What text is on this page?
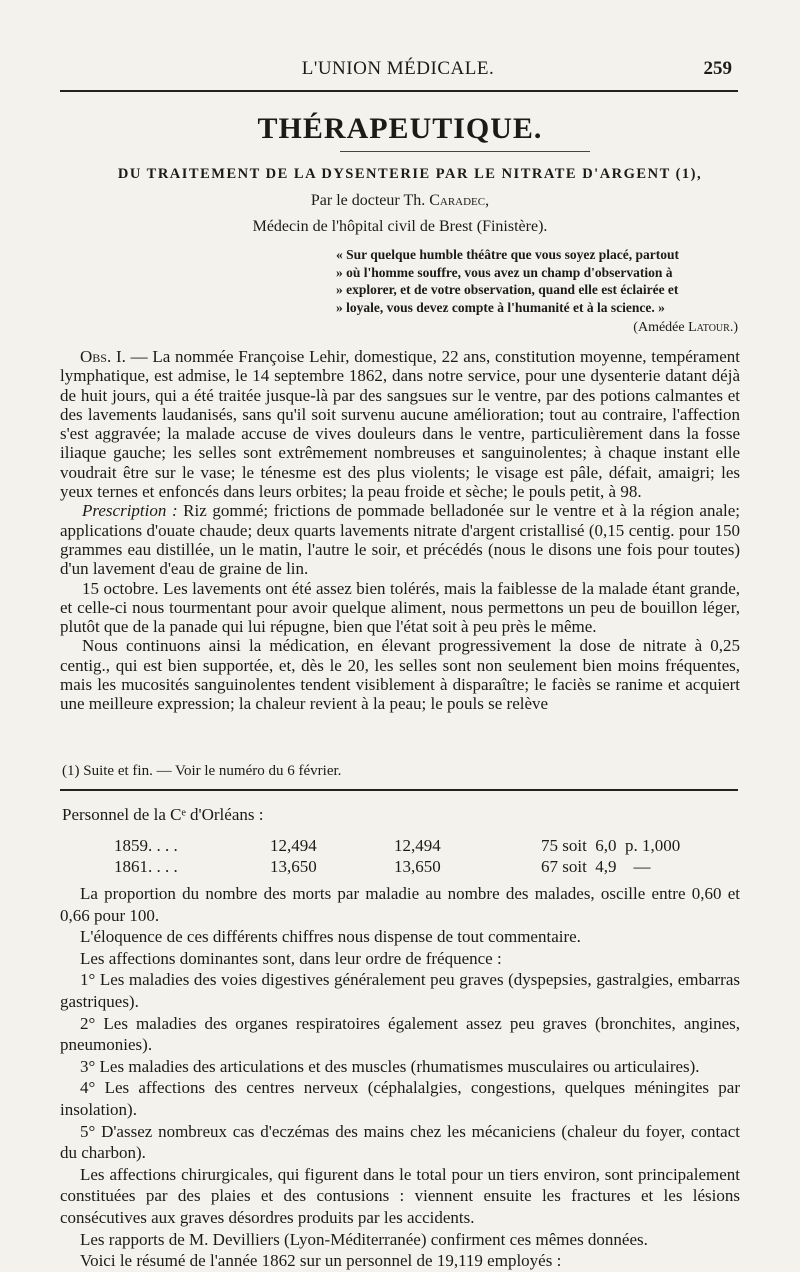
L'UNION MÉDICALE.	259
THÉRAPEUTIQUE.
DU TRAITEMENT DE LA DYSENTERIE PAR LE NITRATE D'ARGENT (1),
Par le docteur Th. Caradec,
Médecin de l'hôpital civil de Brest (Finistère).

« Sur quelque humble théâtre que vous soyez placé, partout

» où l'homme souffre, vous avez un champ d'observation à

» explorer, et de votre observation, quand elle est éclairée et

» loyale, vous devez compte à l'humanité et à la science. »

(Amédée Latour.)

Obs. I. — La nommée Françoise Lehir, domestique, 22 ans, constitution moyenne, tempérament lymphatique, est admise, le 14 septembre 1862, dans notre service, pour une dysenterie datant déjà de huit jours, qui a été traitée jusque-là par des sangsues sur le ventre, par des potions calmantes et des lavements laudanisés, sans qu'il soit survenu aucune amélioration; tout au contraire, l'affection s'est aggravée; la malade accuse de vives douleurs dans le ventre, particulièrement dans la fosse iliaque gauche; les selles sont extrêmement nombreuses et sanguinolentes; à chaque instant elle voudrait être sur le vase; le ténesme est des plus violents; le visage est pâle, défait, amaigri; les yeux ternes et enfoncés dans leurs orbites; la peau froide et sèche; le pouls petit, à 98.

Prescription : Riz gommé; frictions de pommade belladonée sur le ventre et à la région anale; applications d'ouate chaude; deux quarts lavements nitrate d'argent cristallisé (0,15 centig. pour 150 grammes eau distillée, un le matin, l'autre le soir, et précédés (nous le disons une fois pour toutes) d'un lavement d'eau de graine de lin.

15 octobre. Les lavements ont été assez bien tolérés, mais la faiblesse de la malade étant grande, et celle-ci nous tourmentant pour avoir quelque aliment, nous permettons un peu de bouillon léger, plutôt que de la panade qui lui répugne, bien que l'état soit à peu près le même.

Nous continuons ainsi la médication, en élevant progressivement la dose de nitrate à 0,25 centig., qui est bien supportée, et, dès le 20, les selles sont non seulement bien moins fréquentes, mais les mucosités sanguinolentes tendent visiblement à disparaître; le faciès se ranime et acquiert une meilleure expression; la chaleur revient à la peau; le pouls se relève

(1) Suite et fin. — Voir le numéro du 6 février.
Personnel de la Cᵉ d'Orléans :
1859. . . .	12,494	12,494	75 soit  6,0  p. 1,000
1861. . . .	13,650	13,650	67 soit  4,9    —

La proportion du nombre des morts par maladie au nombre des malades, oscille entre 0,60 et 0,66 pour 100.

L'éloquence de ces différents chiffres nous dispense de tout commentaire.

Les affections dominantes sont, dans leur ordre de fréquence :

1° Les maladies des voies digestives généralement peu graves (dyspepsies, gastralgies, embarras gastriques).

2° Les maladies des organes respiratoires également assez peu graves (bronchites, angines, pneumonies).

3° Les maladies des articulations et des muscles (rhumatismes musculaires ou articulaires).

4° Les affections des centres nerveux (céphalalgies, congestions, quelques méningites par insolation).

5° D'assez nombreux cas d'eczémas des mains chez les mécaniciens (chaleur du foyer, contact du charbon).

Les affections chirurgicales, qui figurent dans le total pour un tiers environ, sont principalement constituées par des plaies et des contusions : viennent ensuite les fractures et les lésions consécutives aux graves désordres produits par les accidents.

Les rapports de M. Devilliers (Lyon-Méditerranée) confirment ces mêmes données.

Voici le résumé de l'année 1862 sur un personnel de 19,119 employés :
